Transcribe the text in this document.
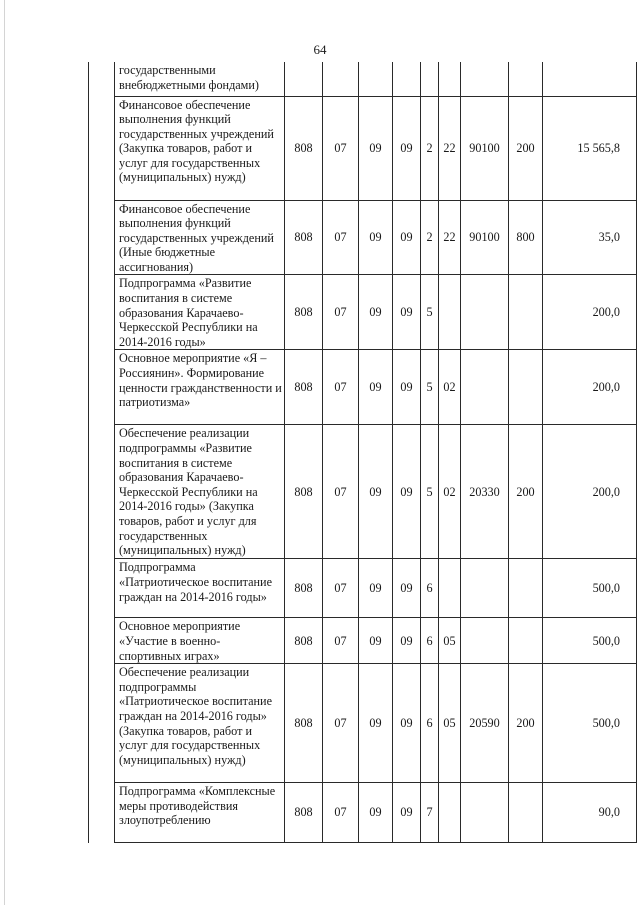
64
	государственными внебюджетными фондами)									
	Финансовое обеспечение выполнения функций государственных учреждений (Закупка товаров, работ и услуг для государственных (муниципальных) нужд)	808	07	09	09	2	22	90100	200	15 565,8
	Финансовое обеспечение выполнения функций государственных учреждений (Иные бюджетные ассигнования)	808	07	09	09	2	22	90100	800	35,0
	Подпрограмма «Развитие воспитания в системе образования Карачаево-Черкесской Республики на 2014-2016 годы»	808	07	09	09	5				200,0
	Основное мероприятие «Я – Россиянин». Формирование ценности гражданственности и патриотизма»	808	07	09	09	5	02			200,0
	Обеспечение реализации подпрограммы «Развитие воспитания в системе образования Карачаево-Черкесской Республики на 2014-2016 годы» (Закупка товаров, работ и услуг для государственных (муниципальных) нужд)	808	07	09	09	5	02	20330	200	200,0
	Подпрограмма «Патриотическое воспитание граждан на 2014-2016 годы»	808	07	09	09	6				500,0
	Основное мероприятие «Участие в военно-спортивных играх»	808	07	09	09	6	05			500,0
	Обеспечение реализации подпрограммы «Патриотическое воспитание граждан на 2014-2016 годы» (Закупка товаров, работ и услуг для государственных (муниципальных) нужд)	808	07	09	09	6	05	20590	200	500,0
	Подпрограмма «Комплексные меры противодействия злоупотреблению	808	07	09	09	7				90,0
